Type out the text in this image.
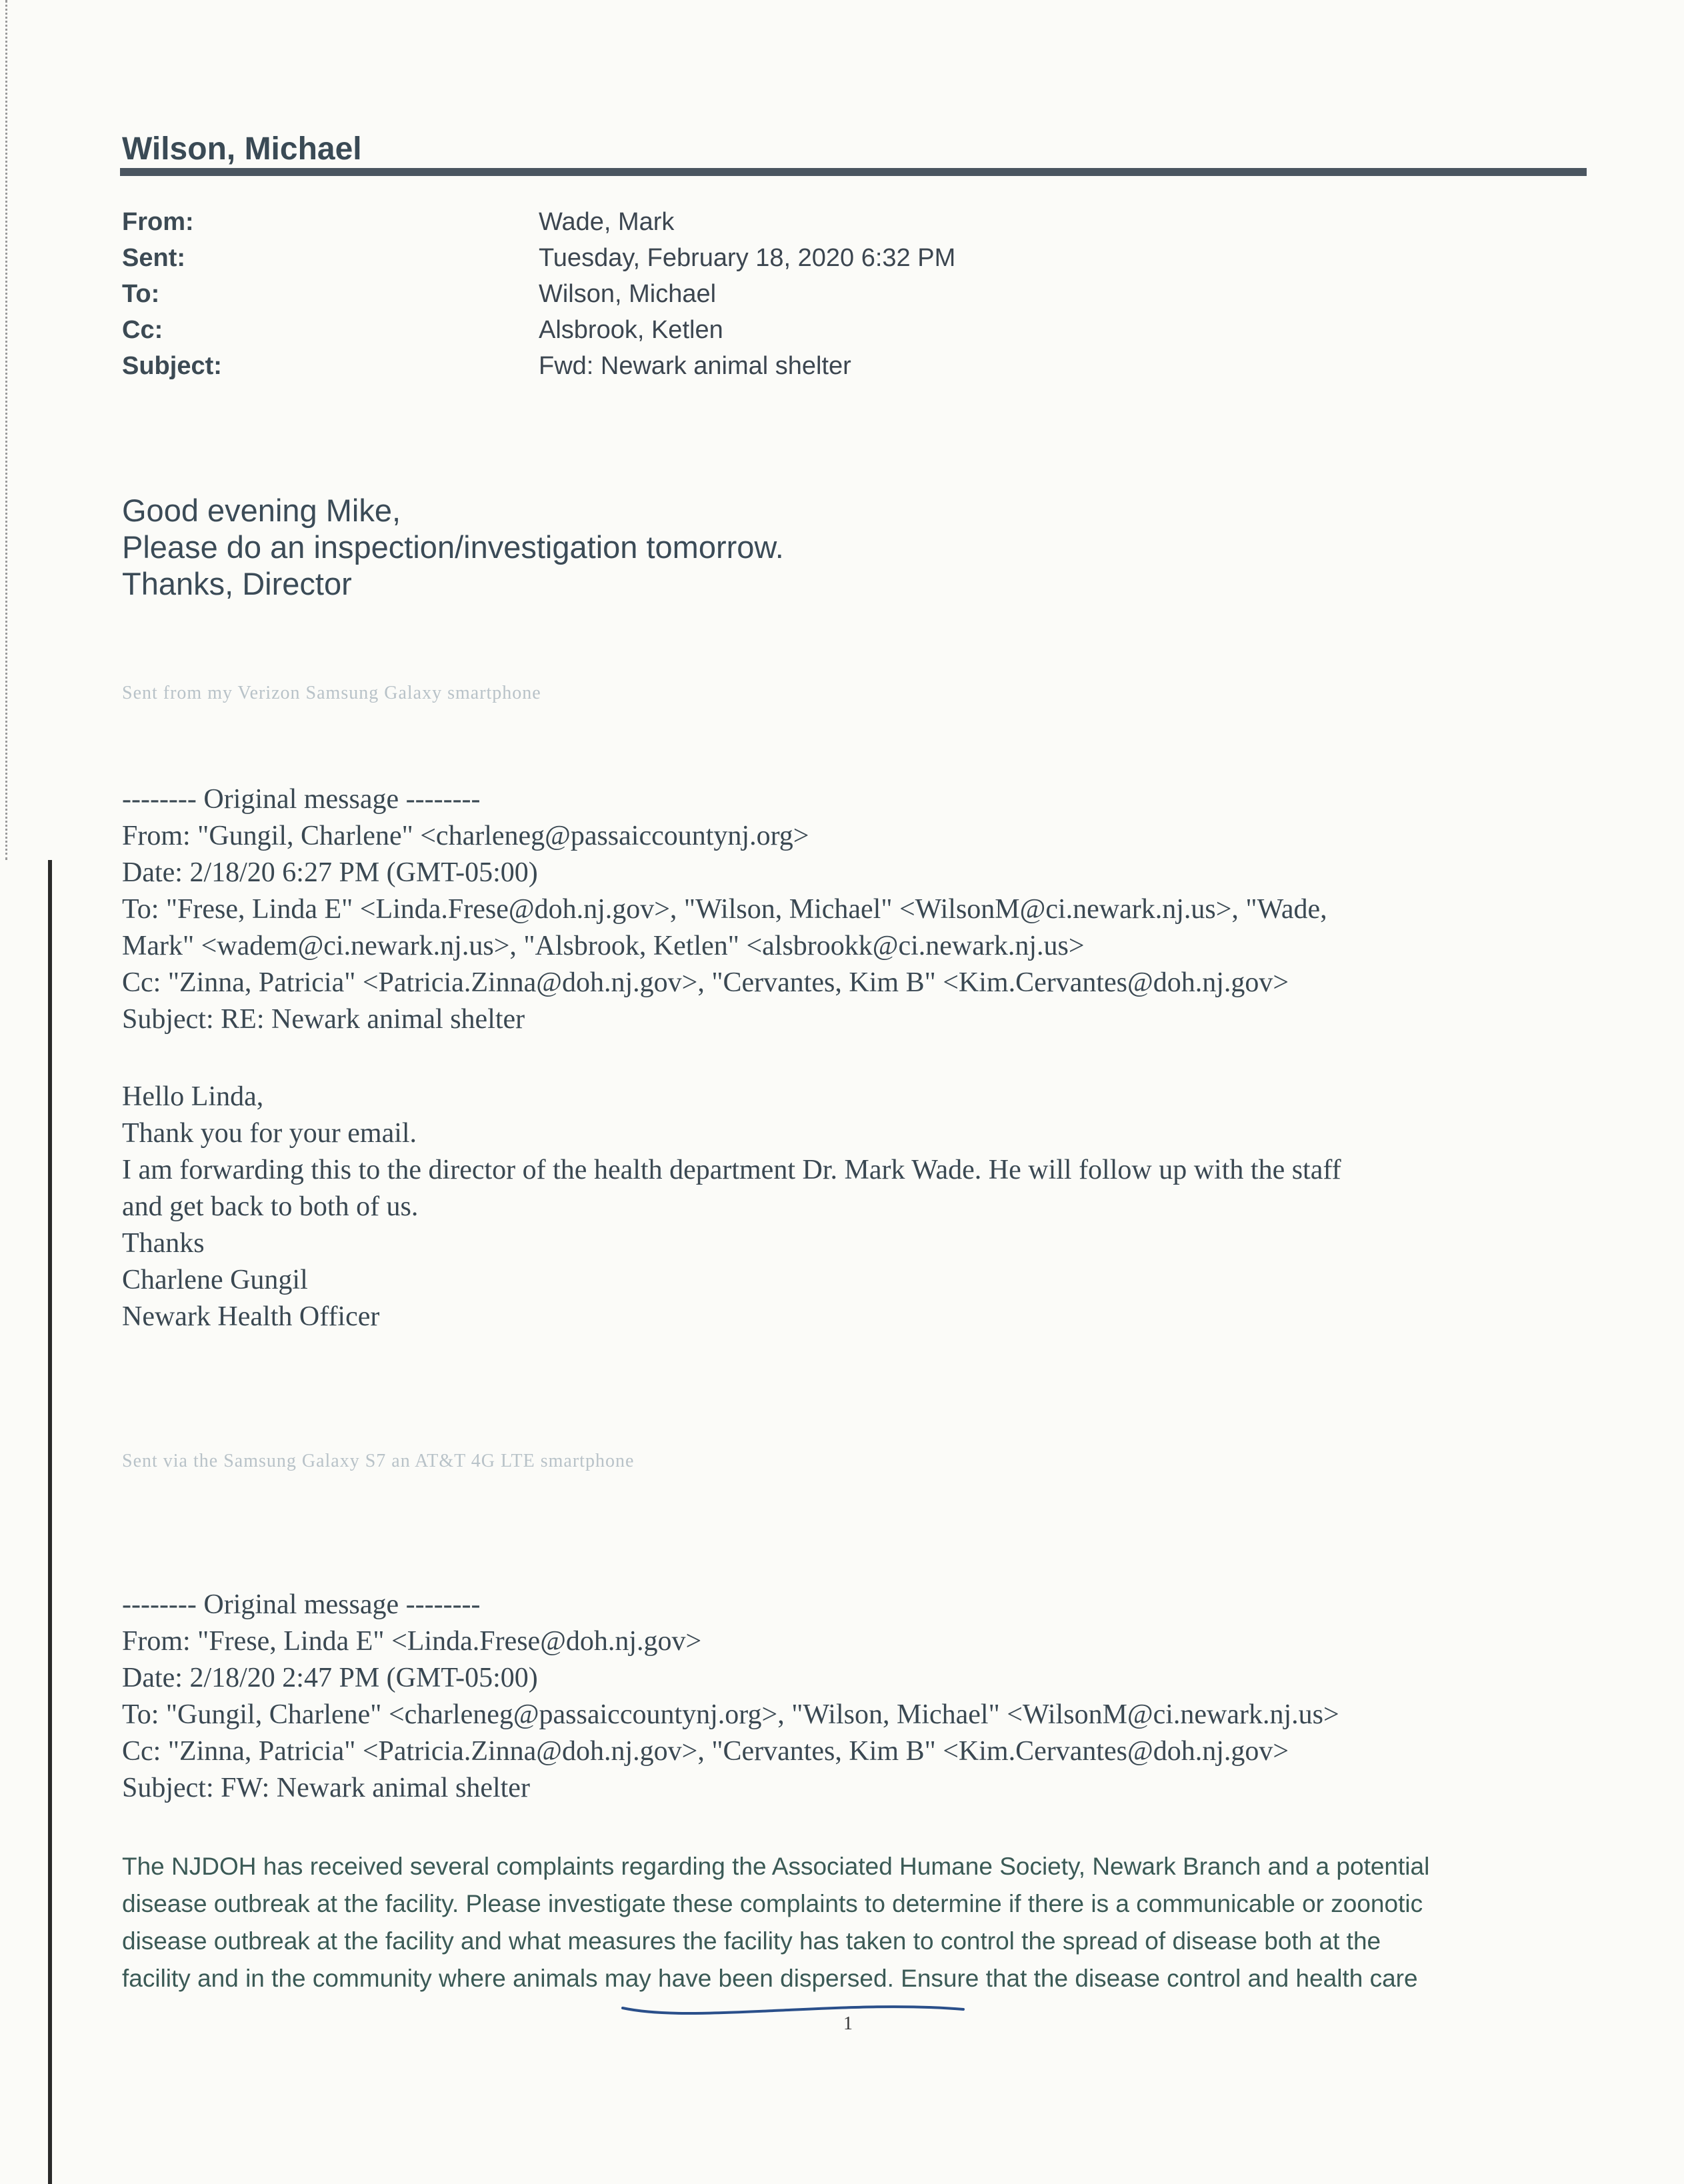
Wilson, Michael
From:	Wade, Mark
Sent:	Tuesday, February 18, 2020 6:32 PM
To:	Wilson, Michael
Cc:	Alsbrook, Ketlen
Subject:	Fwd: Newark animal shelter
Good evening Mike,
Please do an inspection/investigation tomorrow.
Thanks, Director
Sent from my Verizon Samsung Galaxy smartphone
-------- Original message --------
From: "Gungil, Charlene" <charleneg@passaiccountynj.org>
Date: 2/18/20 6:27 PM (GMT-05:00)
To: "Frese, Linda E" <Linda.Frese@doh.nj.gov>, "Wilson, Michael" <WilsonM@ci.newark.nj.us>, "Wade,
Mark" <wadem@ci.newark.nj.us>, "Alsbrook, Ketlen" <alsbrookk@ci.newark.nj.us>
Cc: "Zinna, Patricia" <Patricia.Zinna@doh.nj.gov>, "Cervantes, Kim B" <Kim.Cervantes@doh.nj.gov>
Subject: RE: Newark animal shelter
Hello Linda,
Thank you for your email.
I am forwarding this to the director of the health department Dr. Mark Wade. He will follow up with the staff
and get back to both of us.
Thanks
Charlene Gungil
Newark Health Officer
Sent via the Samsung Galaxy S7 an AT&T 4G LTE smartphone
-------- Original message --------
From: "Frese, Linda E" <Linda.Frese@doh.nj.gov>
Date: 2/18/20 2:47 PM (GMT-05:00)
To: "Gungil, Charlene" <charleneg@passaiccountynj.org>, "Wilson, Michael" <WilsonM@ci.newark.nj.us>
Cc: "Zinna, Patricia" <Patricia.Zinna@doh.nj.gov>, "Cervantes, Kim B" <Kim.Cervantes@doh.nj.gov>
Subject: FW: Newark animal shelter
The NJDOH has received several complaints regarding the Associated Humane Society, Newark Branch and a potential
disease outbreak at the facility. Please investigate these complaints to determine if there is a communicable or zoonotic
disease outbreak at the facility and what measures the facility has taken to control the spread of disease both at the
facility and in the community where animals may have been dispersed. Ensure that the disease control and health care
1
